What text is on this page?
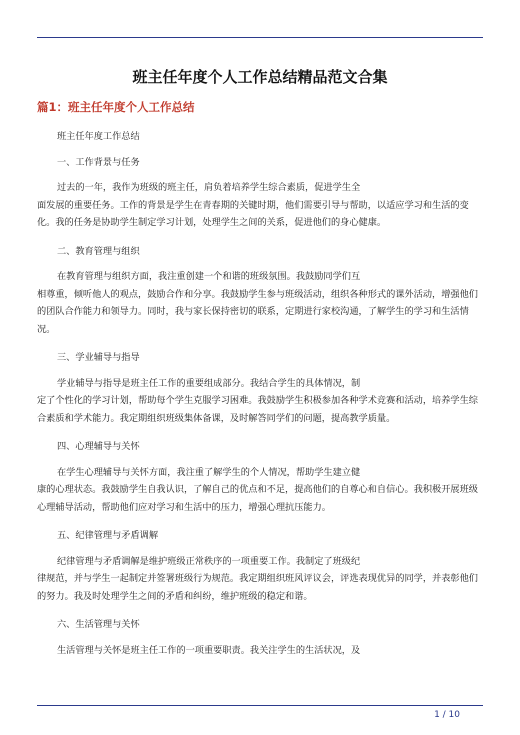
班主任年度个人工作总结精品范文合集
篇1：班主任年度个人工作总结

班主任年度工作总结

一、工作背景与任务

过去的一年，我作为班级的班主任，肩负着培养学生综合素质，促进学生全
面发展的重要任务。工作的背景是学生在青春期的关键时期，他们需要引导与帮助，以适应学习和生活的变化。我的任务是协助学生制定学习计划，处理学生之间的关系，促进他们的身心健康。

二、教育管理与组织

在教育管理与组织方面，我注重创建一个和谐的班级氛围。我鼓励同学们互
相尊重，倾听他人的观点，鼓励合作和分享。我鼓励学生参与班级活动，组织各种形式的课外活动，增强他们的团队合作能力和领导力。同时，我与家长保持密切的联系，定期进行家校沟通，了解学生的学习和生活情况。

三、学业辅导与指导

学业辅导与指导是班主任工作的重要组成部分。我结合学生的具体情况，制
定了个性化的学习计划，帮助每个学生克服学习困难。我鼓励学生积极参加各种学术竞赛和活动，培养学生综合素质和学术能力。我定期组织班级集体备课，及时解答同学们的问题，提高教学质量。

四、心理辅导与关怀

在学生心理辅导与关怀方面，我注重了解学生的个人情况，帮助学生建立健
康的心理状态。我鼓励学生自我认识，了解自己的优点和不足，提高他们的自尊心和自信心。我积极开展班级心理辅导活动，帮助他们应对学习和生活中的压力，增强心理抗压能力。

五、纪律管理与矛盾调解

纪律管理与矛盾调解是维护班级正常秩序的一项重要工作。我制定了班级纪
律规范，并与学生一起制定并签署班级行为规范。我定期组织班风评议会，评选表现优异的同学，并表彰他们的努力。我及时处理学生之间的矛盾和纠纷，维护班级的稳定和谐。

六、生活管理与关怀

生活管理与关怀是班主任工作的一项重要职责。我关注学生的生活状况，及
1 / 10
